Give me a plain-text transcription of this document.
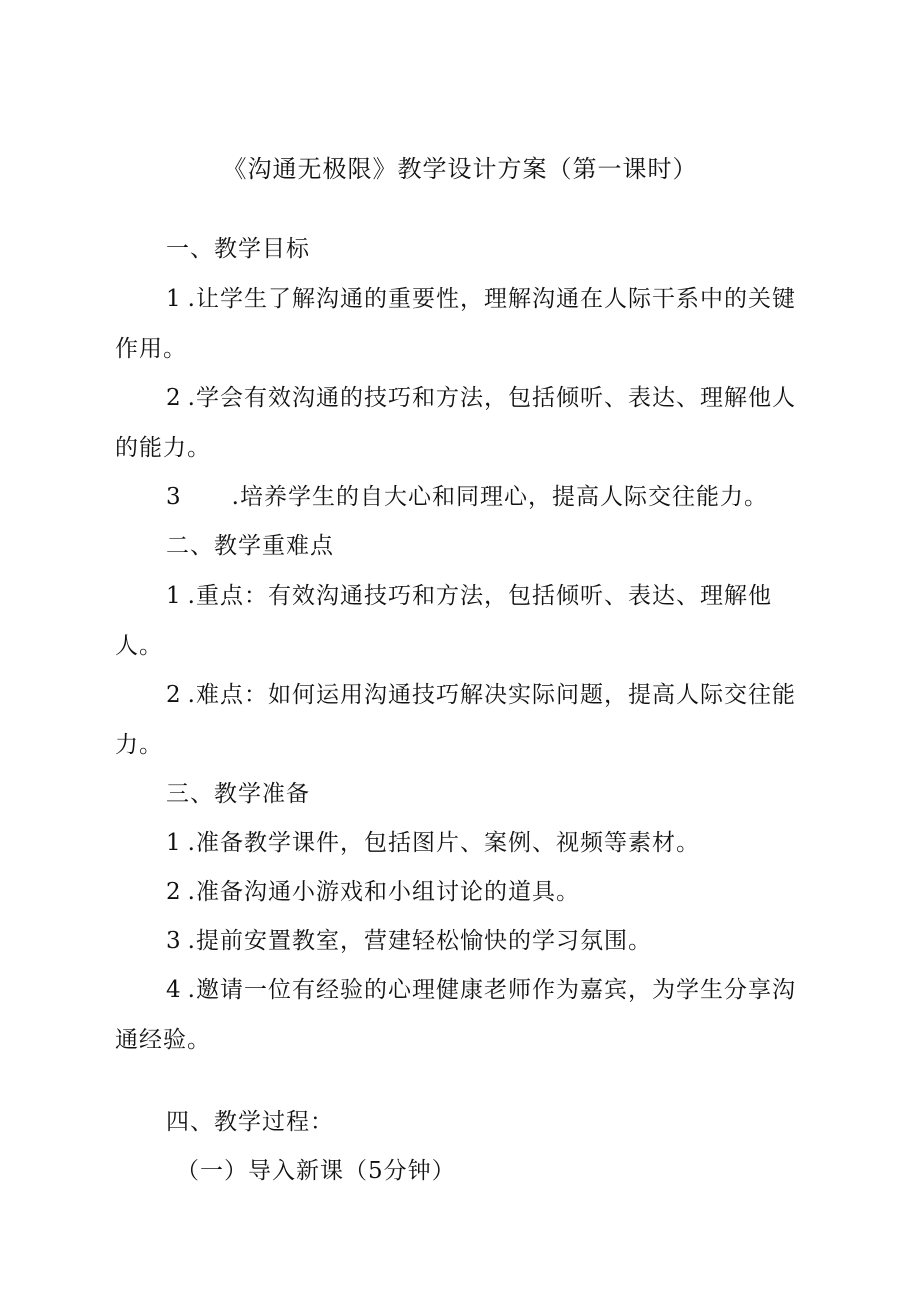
《沟通无极限》教学设计方案（第一课时）
一、教学目标
1 .让学生了解沟通的重要性，理解沟通在人际干系中的关键
作用。
2 .学会有效沟通的技巧和方法，包括倾听、表达、理解他人
的能力。
3 .培养学生的自大心和同理心，提高人际交往能力。
二、教学重难点
1 .重点：有效沟通技巧和方法，包括倾听、表达、理解他
人。
2 .难点：如何运用沟通技巧解决实际问题，提高人际交往能
力。
三、教学准备
1 .准备教学课件，包括图片、案例、视频等素材。
2 .准备沟通小游戏和小组讨论的道具。
3 .提前安置教室，营建轻松愉快的学习氛围。
4 .邀请一位有经验的心理健康老师作为嘉宾，为学生分享沟
通经验。
四、教学过程：
（一）导入新课（5分钟）
